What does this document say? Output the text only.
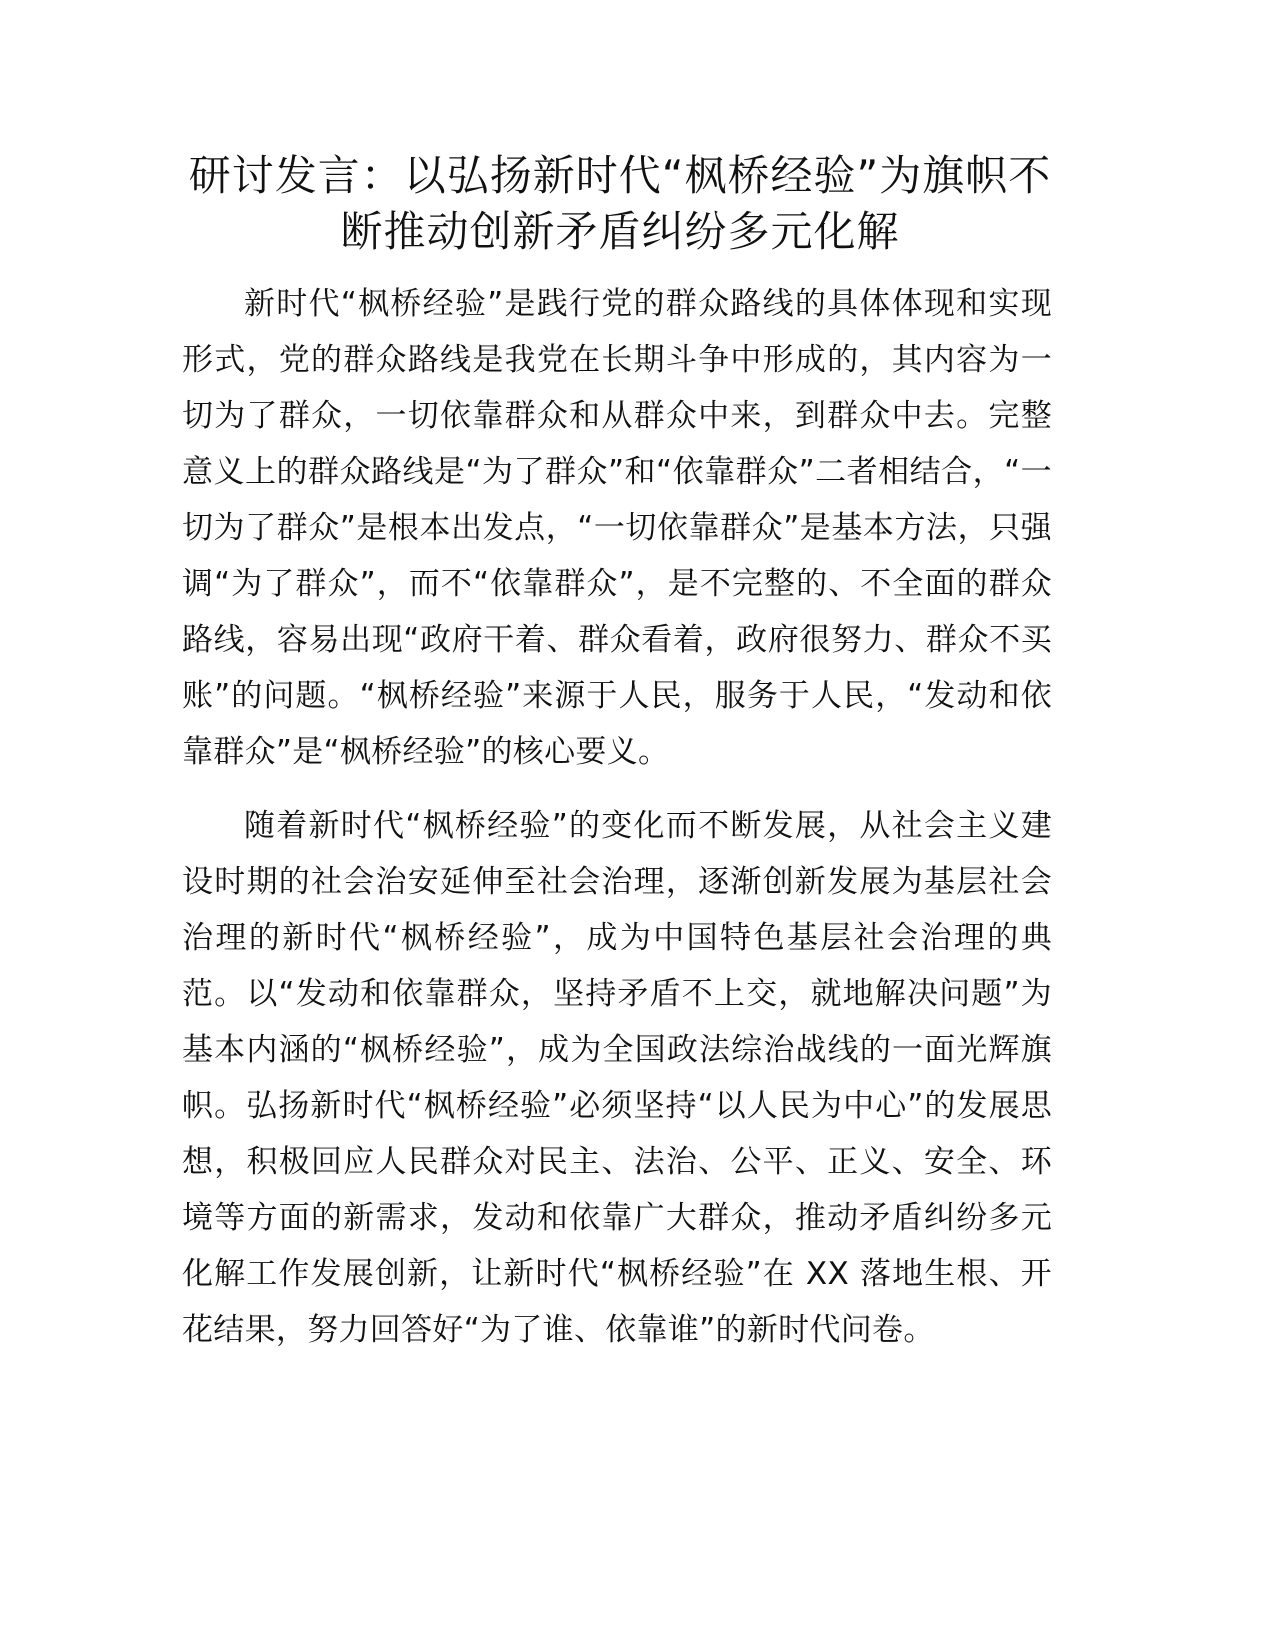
研讨发言：以弘扬新时代“枫桥经验”为旗帜不断推动创新矛盾纠纷多元化解

新时代“枫桥经验”是践行党的群众路线的具体体现和实现形式，党的群众路线是我党在长期斗争中形成的，其内容为一切为了群众，一切依靠群众和从群众中来，到群众中去。完整意义上的群众路线是“为了群众”和“依靠群众”二者相结合，“一切为了群众”是根本出发点，“一切依靠群众”是基本方法，只强调“为了群众”，而不“依靠群众”，是不完整的、不全面的群众路线，容易出现“政府干着、群众看着，政府很努力、群众不买账”的问题。“枫桥经验”来源于人民，服务于人民，“发动和依靠群众”是“枫桥经验”的核心要义。

随着新时代“枫桥经验”的变化而不断发展，从社会主义建设时期的社会治安延伸至社会治理，逐渐创新发展为基层社会治理的新时代“枫桥经验”，成为中国特色基层社会治理的典范。以“发动和依靠群众，坚持矛盾不上交，就地解决问题”为基本内涵的“枫桥经验”，成为全国政法综治战线的一面光辉旗帜。弘扬新时代“枫桥经验”必须坚持“以人民为中心”的发展思想，积极回应人民群众对民主、法治、公平、正义、安全、环境等方面的新需求，发动和依靠广大群众，推动矛盾纠纷多元化解工作发展创新，让新时代“枫桥经验”在 XX 落地生根、开花结果，努力回答好“为了谁、依靠谁”的新时代问卷。
